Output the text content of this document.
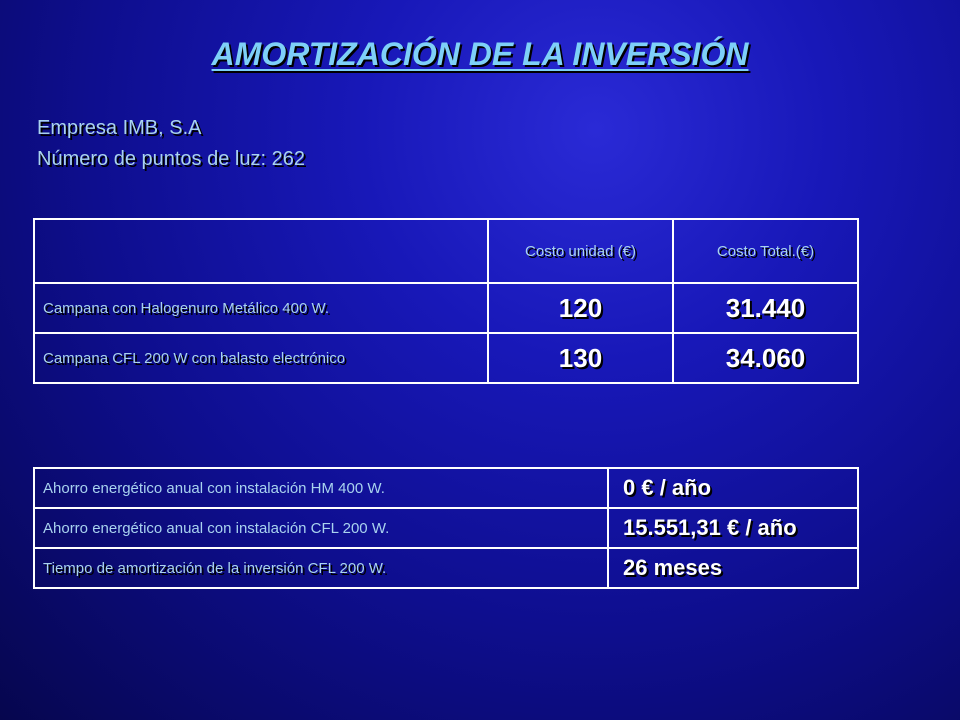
AMORTIZACIÓN DE LA INVERSIÓN
Empresa IMB, S.A
Número de puntos de luz: 262
	Costo unidad (€)	Costo Total.(€)
Campana con Halogenuro Metálico 400 W.	120	31.440
Campana CFL 200 W con balasto electrónico	130	34.060
Ahorro energético anual con instalación HM 400 W.	0 € / año
Ahorro energético anual con instalación CFL 200 W.	15.551,31 € / año
Tiempo de amortización de la inversión CFL 200 W.	26 meses
